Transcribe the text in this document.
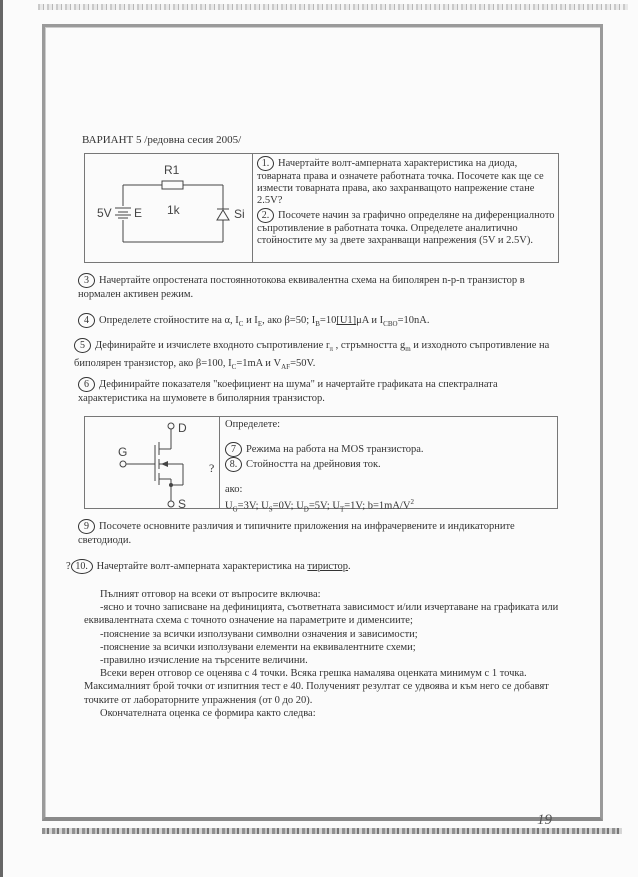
19
ВАРИАНТ 5 /редовна сесия 2005/
5V E
R1
1k	Si
1. Начертайте волт-амперната характеристика на диода, товарната права и означете работната точка. Посочете как ще се измести товарната права, ако захранващото напрежение стане 2.5V?
2. Посочете начин за графично определяне на диференциалното съпротивление в работната точка. Определете аналитично стойностите му за двете захранващи напрежения (5V и 2.5V).
3 Начертайте опростената постояннотокова еквивалентна схема на биполярен n-p-n транзистор в нормален активен режим.
4 Определете стойностите на α, $I_C$ и $I_E$, ако β=50; $I_B=10[U1]\mu A$ и $I_{CBO}=10nA$.
5 Дефинирайте и изчислете входното съпротивление $r_\pi$ , стръмността $g_m$ и изходното съпротивление на биполярен транзистор, ако β=100, $I_C=1mA$ и $V_{AF}=50V$.
6 Дефинирайте показателя "коефициент на шума" и начертайте графиката на спектралната характеристика на шумовете в биполярния транзистор.
D
G
S
?
Определете:
7 Режима на работа на MOS транзистора.
8. Стойността на дрейновия ток.
ако:
$U_G=3V$; $U_S=0V$; $U_D=5V$; $U_T=1V$; $b=1mA/V^2$
9 Посочете основните различия и типичните приложения на инфрачервените и индикаторните светодиоди.
? 10. Начертайте волт-амперната характеристика на тиристор.

Пълният отговор на всеки от въпросите включва:

-ясно и точно записване на дефиницията, съответната зависимост и/или изчертаване на графиката или еквивалентната схема с точното означение на параметрите и дименсиите;

-пояснение за всички използувани символни означения и зависимости;

-пояснение за всички използувани елементи на еквивалентните схеми;

-правилно изчисление на търсените величини.

Всеки верен отговор се оценява с 4 точки. Всяка грешка намалява оценката минимум с 1 точка. Максималният брой точки от изпитния тест е 40. Полученият резултат се удвоява и към него се добавят точките от лабораторните упражнения (от 0 до 20).

Окончателната оценка се формира както следва:
